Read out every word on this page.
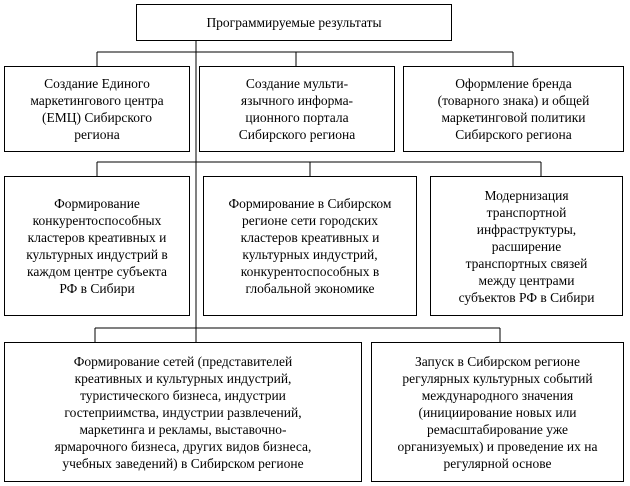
Программируемые результаты
Создание Единого
маркетингового центра
(ЕМЦ) Сибирского
региона
Создание мульти-
язычного информа-
ционного портала
Сибирского региона
Оформление бренда
(товарного знака) и общей
маркетинговой политики
Сибирского региона
Формирование
конкурентоспособных
кластеров креативных и
культурных индустрий в
каждом центре субъекта
РФ в Сибири
Формирование в Сибирском
регионе сети городских
кластеров креативных и
культурных индустрий,
конкурентоспособных в
глобальной экономике
Модернизация
транспортной
инфраструктуры,
расширение
транспортных связей
между центрами
субъектов РФ в Сибири
Формирование сетей (представителей
креативных и культурных индустрий,
туристического бизнеса, индустрии
гостеприимства, индустрии развлечений,
маркетинга и рекламы, выставочно-
ярмарочного бизнеса, других видов бизнеса,
учебных заведений) в Сибирском регионе
Запуск в Сибирском регионе
регулярных культурных событий
международного значения
(инициирование новых или
ремасштабирование уже
организуемых) и проведение их на
регулярной основе
